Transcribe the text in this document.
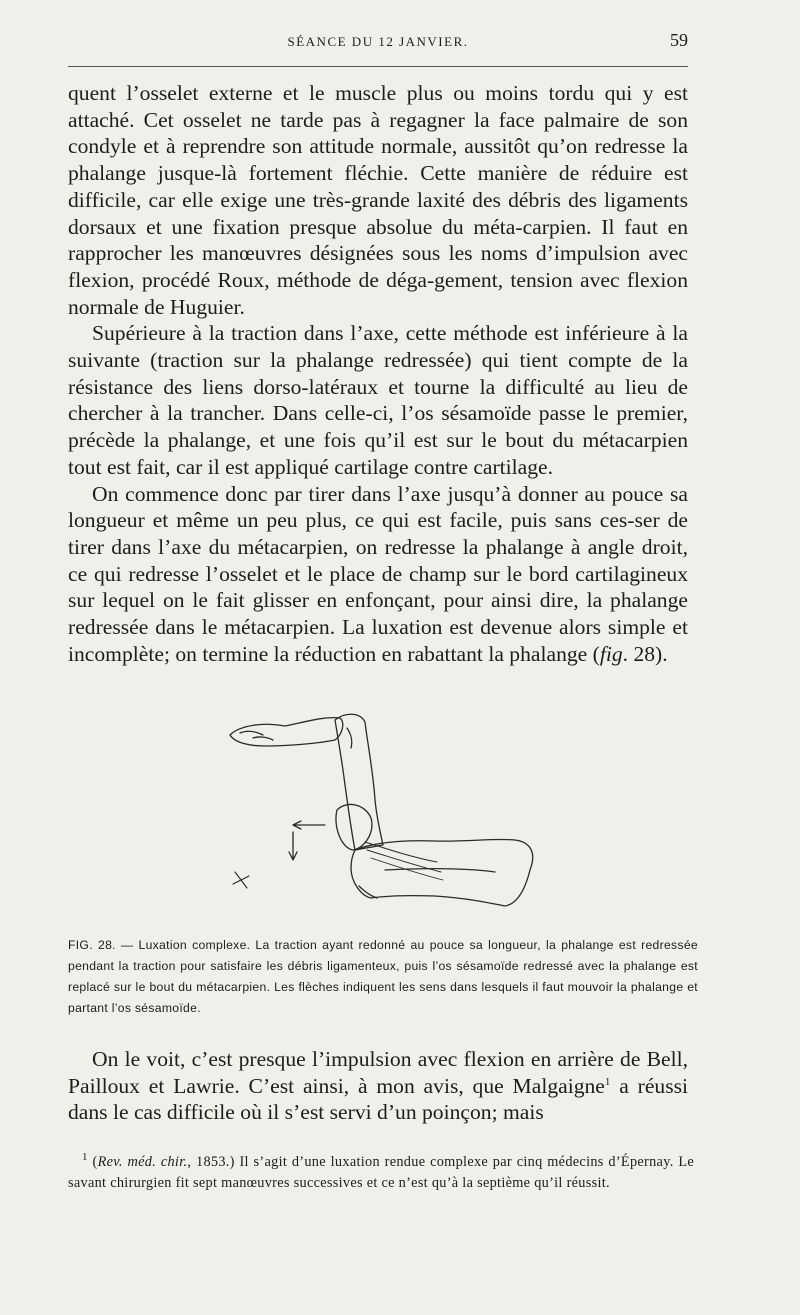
SÉANCE DU 12 JANVIER.	59

quent l’osselet externe et le muscle plus ou moins tordu qui y est attaché. Cet osselet ne tarde pas à regagner la face palmaire de son condyle et à reprendre son attitude normale, aussitôt qu’on redresse la phalange jusque-là fortement fléchie. Cette manière de réduire est difficile, car elle exige une très-grande laxité des débris des ligaments dorsaux et une fixation presque absolue du méta-carpien. Il faut en rapprocher les manœuvres désignées sous les noms d’impulsion avec flexion, procédé Roux, méthode de déga-gement, tension avec flexion normale de Huguier.

Supérieure à la traction dans l’axe, cette méthode est inférieure à la suivante (traction sur la phalange redressée) qui tient compte de la résistance des liens dorso-latéraux et tourne la difficulté au lieu de chercher à la trancher. Dans celle-ci, l’os sésamoïde passe le premier, précède la phalange, et une fois qu’il est sur le bout du métacarpien tout est fait, car il est appliqué cartilage contre cartilage.

On commence donc par tirer dans l’axe jusqu’à donner au pouce sa longueur et même un peu plus, ce qui est facile, puis sans ces-ser de tirer dans l’axe du métacarpien, on redresse la phalange à angle droit, ce qui redresse l’osselet et le place de champ sur le bord cartilagineux sur lequel on le fait glisser en enfonçant, pour ainsi dire, la phalange redressée dans le métacarpien. La luxation est devenue alors simple et incomplète; on termine la réduction en rabattant la phalange (fig. 28).

FIG. 28. — Luxation complexe. La traction ayant redonné au pouce sa longueur, la phalange est redressée pendant la traction pour satisfaire les débris ligamenteux, puis l’os sésamoïde redressé avec la phalange est replacé sur le bout du métacarpien. Les flèches indiquent les sens dans lesquels il faut mouvoir la phalange et partant l’os sésamoïde.

On le voit, c’est presque l’impulsion avec flexion en arrière de Bell, Pailloux et Lawrie. C’est ainsi, à mon avis, que Malgaigne$^1$ a réussi dans le cas difficile où il s’est servi d’un poinçon; mais

$^1$ (Rev. méd. chir., 1853.) Il s’agit d’une luxation rendue complexe par cinq médecins d’Épernay. Le savant chirurgien fit sept manœuvres successives et ce n’est qu’à la septième qu’il réussit.
